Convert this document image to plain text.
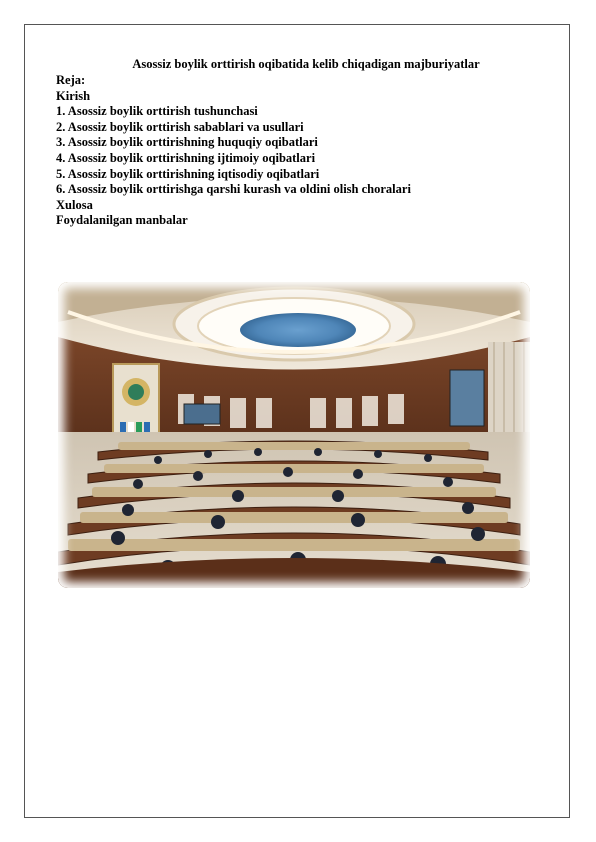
Asossiz boylik orttirish oqibatida kelib chiqadigan majburiyatlar
Reja:
Kirish
1. Asossiz boylik orttirish tushunchasi
2. Asossiz boylik orttirish sabablari va usullari
3. Asossiz boylik orttirishning huquqiy oqibatlari
4. Asossiz boylik orttirishning ijtimoiy oqibatlari
5. Asossiz boylik orttirishning iqtisodiy oqibatlari
6. Asossiz boylik orttirishga qarshi kurash va oldini olish choralari
Xulosa
Foydalanilgan manbalar
